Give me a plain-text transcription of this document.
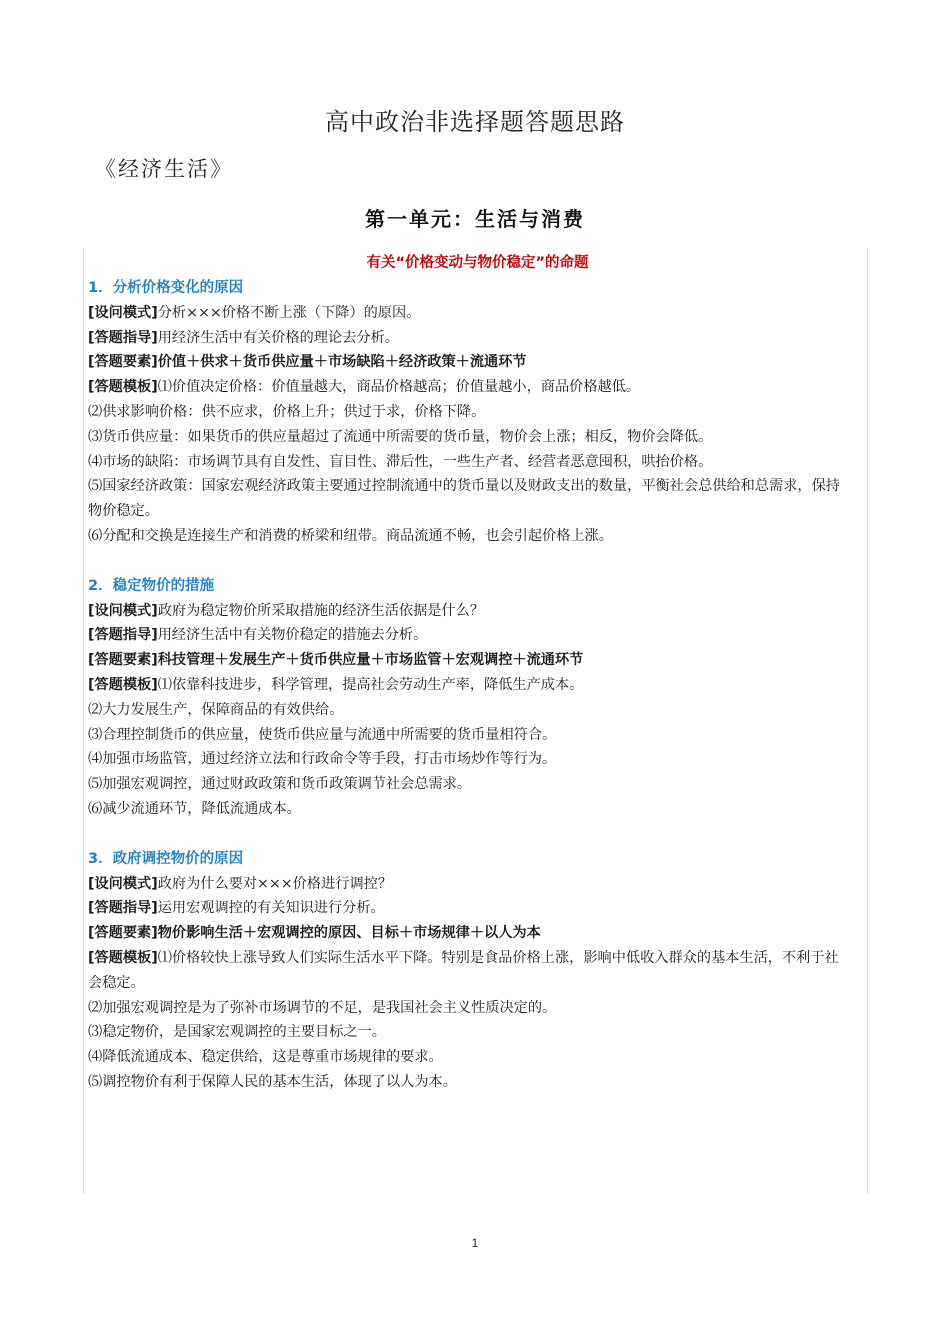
高中政治非选择题答题思路
《经济生活》
第一单元：生活与消费
有关“价格变动与物价稳定”的命题
1．分析价格变化的原因
[设问模式]分析×××价格不断上涨（下降）的原因。
[答题指导]用经济生活中有关价格的理论去分析。
[答题要素]价值＋供求＋货币供应量＋市场缺陷＋经济政策＋流通环节
[答题模板]⑴价值决定价格：价值量越大，商品价格越高；价值量越小，商品价格越低。
⑵供求影响价格：供不应求，价格上升；供过于求，价格下降。
⑶货币供应量：如果货币的供应量超过了流通中所需要的货币量，物价会上涨；相反，物价会降低。
⑷市场的缺陷：市场调节具有自发性、盲目性、滞后性，一些生产者、经营者恶意囤积，哄抬价格。
⑸国家经济政策：国家宏观经济政策主要通过控制流通中的货币量以及财政支出的数量，平衡社会总供给和总需求，保持物价稳定。
⑹分配和交换是连接生产和消费的桥梁和纽带。商品流通不畅，也会引起价格上涨。
2．稳定物价的措施
[设问模式]政府为稳定物价所采取措施的经济生活依据是什么？
[答题指导]用经济生活中有关物价稳定的措施去分析。
[答题要素]科技管理＋发展生产＋货币供应量＋市场监管＋宏观调控＋流通环节
[答题模板]⑴依靠科技进步，科学管理，提高社会劳动生产率，降低生产成本。
⑵大力发展生产，保障商品的有效供给。
⑶合理控制货币的供应量，使货币供应量与流通中所需要的货币量相符合。
⑷加强市场监管，通过经济立法和行政命令等手段，打击市场炒作等行为。
⑸加强宏观调控，通过财政政策和货币政策调节社会总需求。
⑹减少流通环节，降低流通成本。
3．政府调控物价的原因
[设问模式]政府为什么要对×××价格进行调控？
[答题指导]运用宏观调控的有关知识进行分析。
[答题要素]物价影响生活＋宏观调控的原因、目标＋市场规律＋以人为本
[答题模板]⑴价格较快上涨导致人们实际生活水平下降。特别是食品价格上涨，影响中低收入群众的基本生活，不利于社会稳定。
⑵加强宏观调控是为了弥补市场调节的不足，是我国社会主义性质决定的。
⑶稳定物价，是国家宏观调控的主要目标之一。
⑷降低流通成本、稳定供给，这是尊重市场规律的要求。
⑸调控物价有利于保障人民的基本生活，体现了以人为本。
1
